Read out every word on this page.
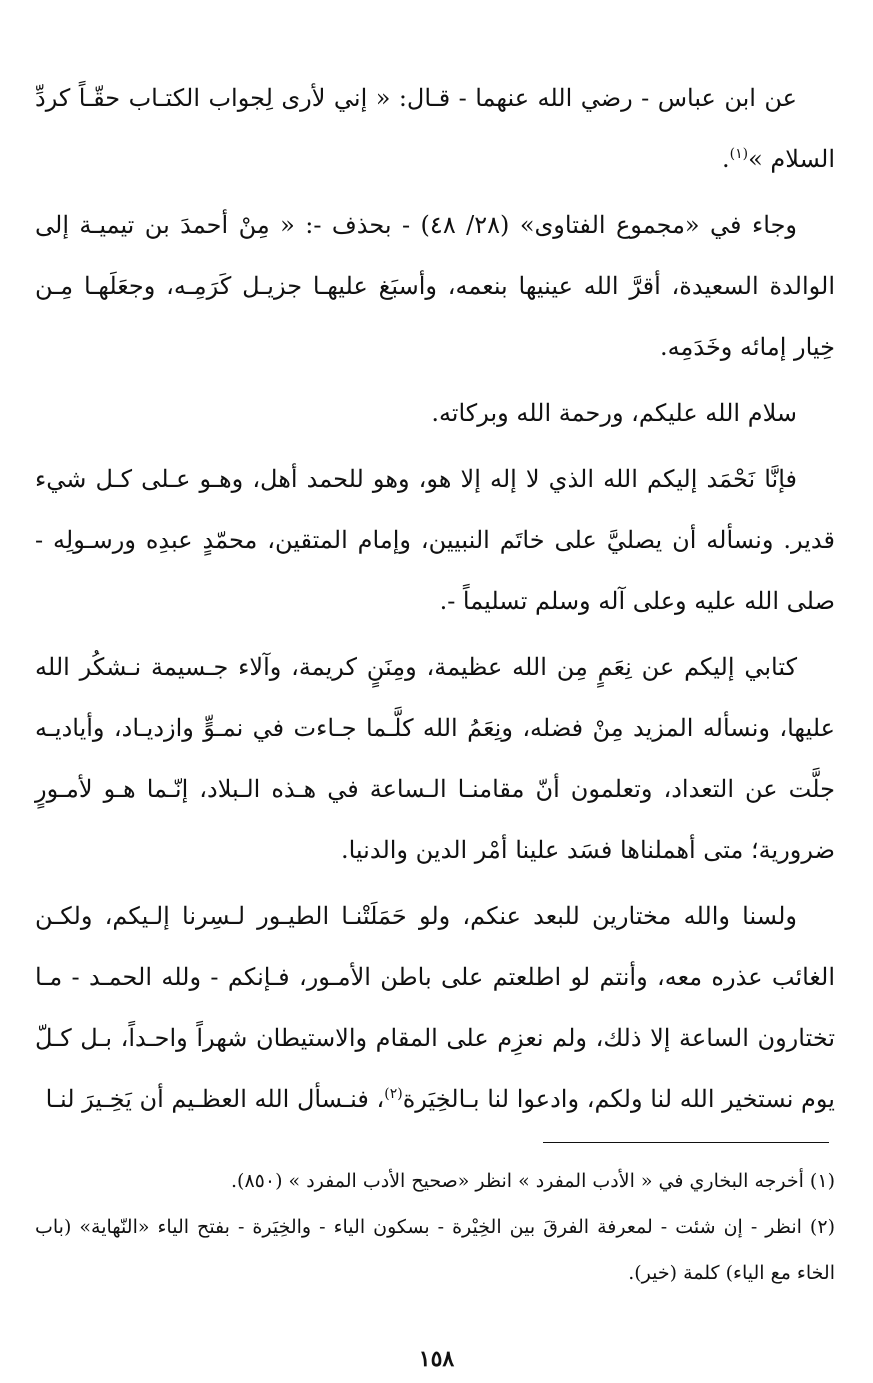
عن ابن عباس - رضي الله عنهما - قـال: « إني لأرى لِجواب الكتـاب حقّـاً كردِّ السلام »$^{(١)}$.

وجاء في «مجموع الفتاوى» (٢٨/ ٤٨) - بحذف -: « مِنْ أحمدَ بن تيميـة إلى الوالدة السعيدة، أقرَّ الله عينيها بنعمه، وأسبَغ عليهـا جزيـل كَرَمِـه، وجعَلَهـا مِـن خِيار إمائه وخَدَمِه.

سلام الله عليكم، ورحمة الله وبركاته.

فإنَّا نَحْمَد إليكم الله الذي لا إله إلا هو، وهو للحمد أهل، وهـو عـلى كـل شيء قدير. ونسأله أن يصليَّ على خاتَم النبيين، وإمام المتقين، محمّدٍ عبدِه ورسـولِه - صلى الله عليه وعلى آله وسلم تسليماً -.

كتابي إليكم عن نِعَمٍ مِن الله عظيمة، ومِنَنٍ كريمة، وآلاء جـسيمة نـشكُر الله عليها، ونسأله المزيد مِنْ فضله، ونِعَمُ الله كلَّـما جـاءت في نمـوٍّ وازديـاد، وأياديـه جلَّت عن التعداد، وتعلمون أنّ مقامنـا الـساعة في هـذه الـبلاد، إنّـما هـو لأمـورٍ ضرورية؛ متى أهملناها فسَد علينا أمْر الدين والدنيا.

ولسنا والله مختارين للبعد عنكم، ولو حَمَلَتْنـا الطيـور لـسِرنا إلـيكم، ولكـن الغائب عذره معه، وأنتم لو اطلعتم على باطن الأمـور، فـإنكم - ولله الحمـد - مـا تختارون الساعة إلا ذلك، ولم نعزِم على المقام والاستيطان شهراً واحـداً، بـل كـلّ يوم نستخير الله لنا ولكم، وادعوا لنا بـالخِيَرة$^{(٢)}$، فنـسأل الله العظـيم أن يَخِـيرَ لنـا

(١) أخرجه البخاري في « الأدب المفرد » انظر «صحيح الأدب المفرد » (٨٥٠).

(٢) انظر - إن شئت - لمعرفة الفرقَ بين الخِيْرة - بسكون الياء - والخِيَرة - بفتح الياء «النّهاية» (باب الخاء مع الياء) كلمة (خير).

١٥٨
